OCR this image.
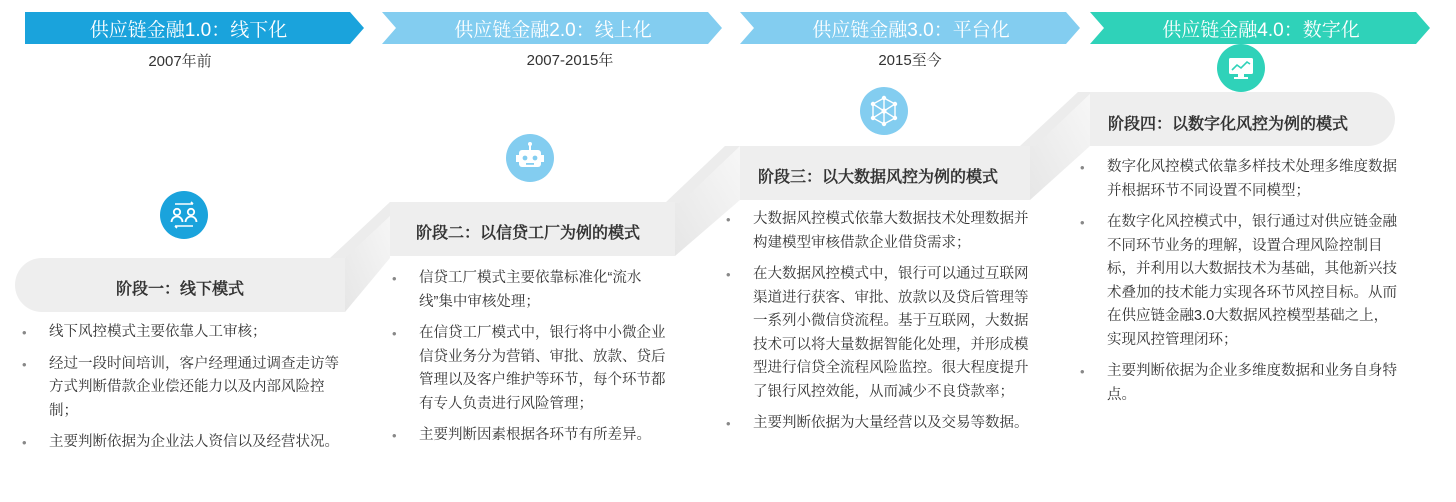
供应链金融1.0：线下化	供应链金融2.0：线上化	供应链金融3.0：平台化	供应链金融4.0：数字化
2007年前	2007-2015年	2015至今
阶段一：线下模式
阶段二：以信贷工厂为例的模式
阶段三：以大数据风控为例的模式
阶段四：以数字化风控为例的模式
• 线下风控模式主要依靠人工审核；
• 经过一段时间培训，客户经理通过调查走访等方式判断借款企业偿还能力以及内部风险控制；
• 主要判断依据为企业法人资信以及经营状况。
• 信贷工厂模式主要依靠标准化“流水线”集中审核处理；
• 在信贷工厂模式中，银行将中小微企业信贷业务分为营销、审批、放款、贷后管理以及客户维护等环节，每个环节都有专人负责进行风险管理；
• 主要判断因素根据各环节有所差异。
• 大数据风控模式依靠大数据技术处理数据并构建模型审核借款企业借贷需求；
• 在大数据风控模式中，银行可以通过互联网渠道进行获客、审批、放款以及贷后管理等一系列小微信贷流程。基于互联网，大数据技术可以将大量数据智能化处理，并形成模型进行信贷全流程风险监控。很大程度提升了银行风控效能，从而减少不良贷款率；
• 主要判断依据为大量经营以及交易等数据。
• 数字化风控模式依靠多样技术处理多维度数据并根据环节不同设置不同模型；
• 在数字化风控模式中，银行通过对供应链金融不同环节业务的理解，设置合理风险控制目标，并利用以大数据技术为基础，其他新兴技术叠加的技术能力实现各环节风控目标。从而在供应链金融3.0大数据风控模型基础之上，实现风控管理闭环；
• 主要判断依据为企业多维度数据和业务自身特点。
